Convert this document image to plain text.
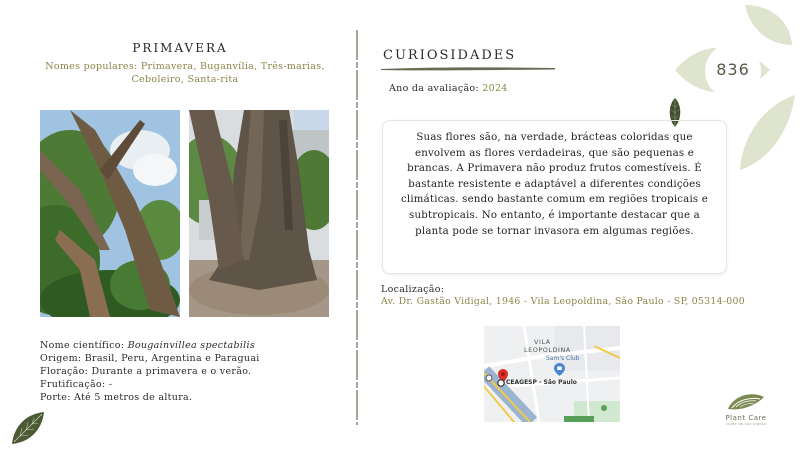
836
PRIMAVERA
Nomes populares: Primavera, Buganvília, Três-marias, Ceboleiro, Santa-rita
Nome científico: Bougainvillea spectabilis
Origem: Brasil, Peru, Argentina e Paraguai
Floração: Durante a primavera e o verão.
Frutificação: -
Porte: Até 5 metros de altura.
CURIOSIDADES
Ano da avaliação: 2024
Suas flores são, na verdade, brácteas coloridas que envolvem as flores verdadeiras, que são pequenas e brancas. A Primavera não produz frutos comestíveis. É bastante resistente e adaptável a diferentes condições climáticas. sendo bastante comum em regiões tropicais e subtropicais. No entanto, é importante destacar que a planta pode se tornar invasora em algumas regiões.
Localização:
Av. Dr. Gastão Vidigal, 1946 - Vila Leopoldina, São Paulo - SP, 05314-000
VILA
LEOPOLDINA
Sam's Club
CEAGESP - São Paulo
Plant Care
cuide da sua planta
